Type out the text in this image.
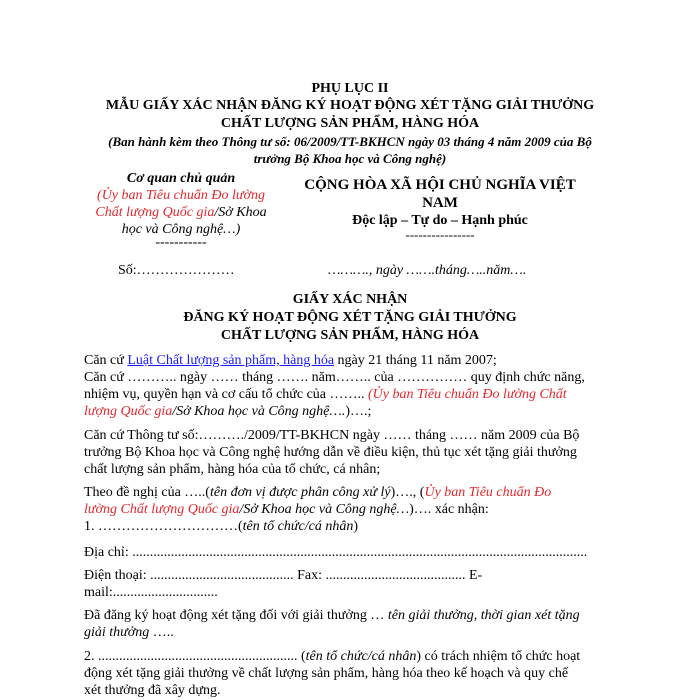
PHỤ LỤC II
MẪU GIẤY XÁC NHẬN ĐĂNG KÝ HOẠT ĐỘNG XÉT TẶNG GIẢI THƯỞNG
CHẤT LƯỢNG SẢN PHẨM, HÀNG HÓA
(Ban hành kèm theo Thông tư số: 06/2009/TT-BKHCN ngày 03 tháng 4 năm 2009 của Bộ
trưởng Bộ Khoa học và Công nghệ)
Cơ quan chủ quản
(Ủy ban Tiêu chuẩn Đo lường
Chất lượng Quốc gia/Sở Khoa
học và Công nghệ…)
-----------
Số:…………………
CỘNG HÒA XÃ HỘI CHỦ NGHĨA VIỆT
NAM
Độc lập – Tự do – Hạnh phúc
----------------
………., ngày …….tháng…..năm….
GIẤY XÁC NHẬN
ĐĂNG KÝ HOẠT ĐỘNG XÉT TẶNG GIẢI THƯỞNG
CHẤT LƯỢNG SẢN PHẨM, HÀNG HÓA
Căn cứ Luật Chất lượng sản phẩm, hàng hóa ngày 21 tháng 11 năm 2007;
Căn cứ ……….. ngày …… tháng ……. năm…….. của …………… quy định chức năng,
nhiệm vụ, quyền hạn và cơ cấu tổ chức của …….. (Ủy ban Tiêu chuẩn Đo lường Chất
lượng Quốc gia/Sở Khoa học và Công nghệ….)….;
Căn cứ Thông tư số:………./2009/TT-BKHCN ngày …… tháng …… năm 2009 của Bộ
trưởng Bộ Khoa học và Công nghệ hướng dẫn về điều kiện, thủ tục xét tặng giải thưởng
chất lượng sản phẩm, hàng hóa của tổ chức, cá nhân;
Theo đề nghị của …..(tên đơn vị được phân công xử lý)…., (Ủy ban Tiêu chuẩn Đo
lường Chất lượng Quốc gia/Sở Khoa học và Công nghệ…)…. xác nhận:
1. …………………………(tên tổ chức/cá nhân)
Địa chỉ: ..................................................................................................................................
Điện thoại: ......................................... Fax: ........................................ E-
mail:..............................
Đã đăng ký hoạt động xét tặng đối với giải thưởng … tên giải thưởng, thời gian xét tặng
giải thưởng …..
2. ......................................................... (tên tổ chức/cá nhân) có trách nhiệm tổ chức hoạt
động xét tặng giải thưởng về chất lượng sản phẩm, hàng hóa theo kế hoạch và quy chế
xét thưởng đã xây dựng.
